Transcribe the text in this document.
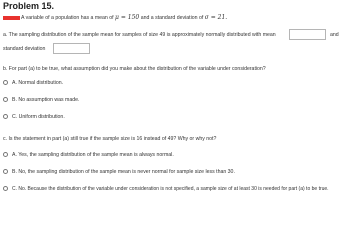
Problem 15.
A variable of a population has a mean of μ = 150 and a standard deviation of σ = 21.
a. The sampling distribution of the sample mean for samples of size 49 is approximately normally distributed with mean	and
standard deviation
b. For part (a) to be true, what assumption did you make about the distribution of the variable under consideration?
A. Normal distribution.
B. No assumption was made.
C. Uniform distribution.
c. Is the statement in part (a) still true if the sample size is 16 instead of 49? Why or why not?
A. Yes, the sampling distribution of the sample mean is always normal.
B. No, the sampling distribution of the sample mean is never normal for sample size less than 30.
C. No. Because the distribution of the variable under consideration is not specified, a sample size of at least 30 is needed for part (a) to be true.
